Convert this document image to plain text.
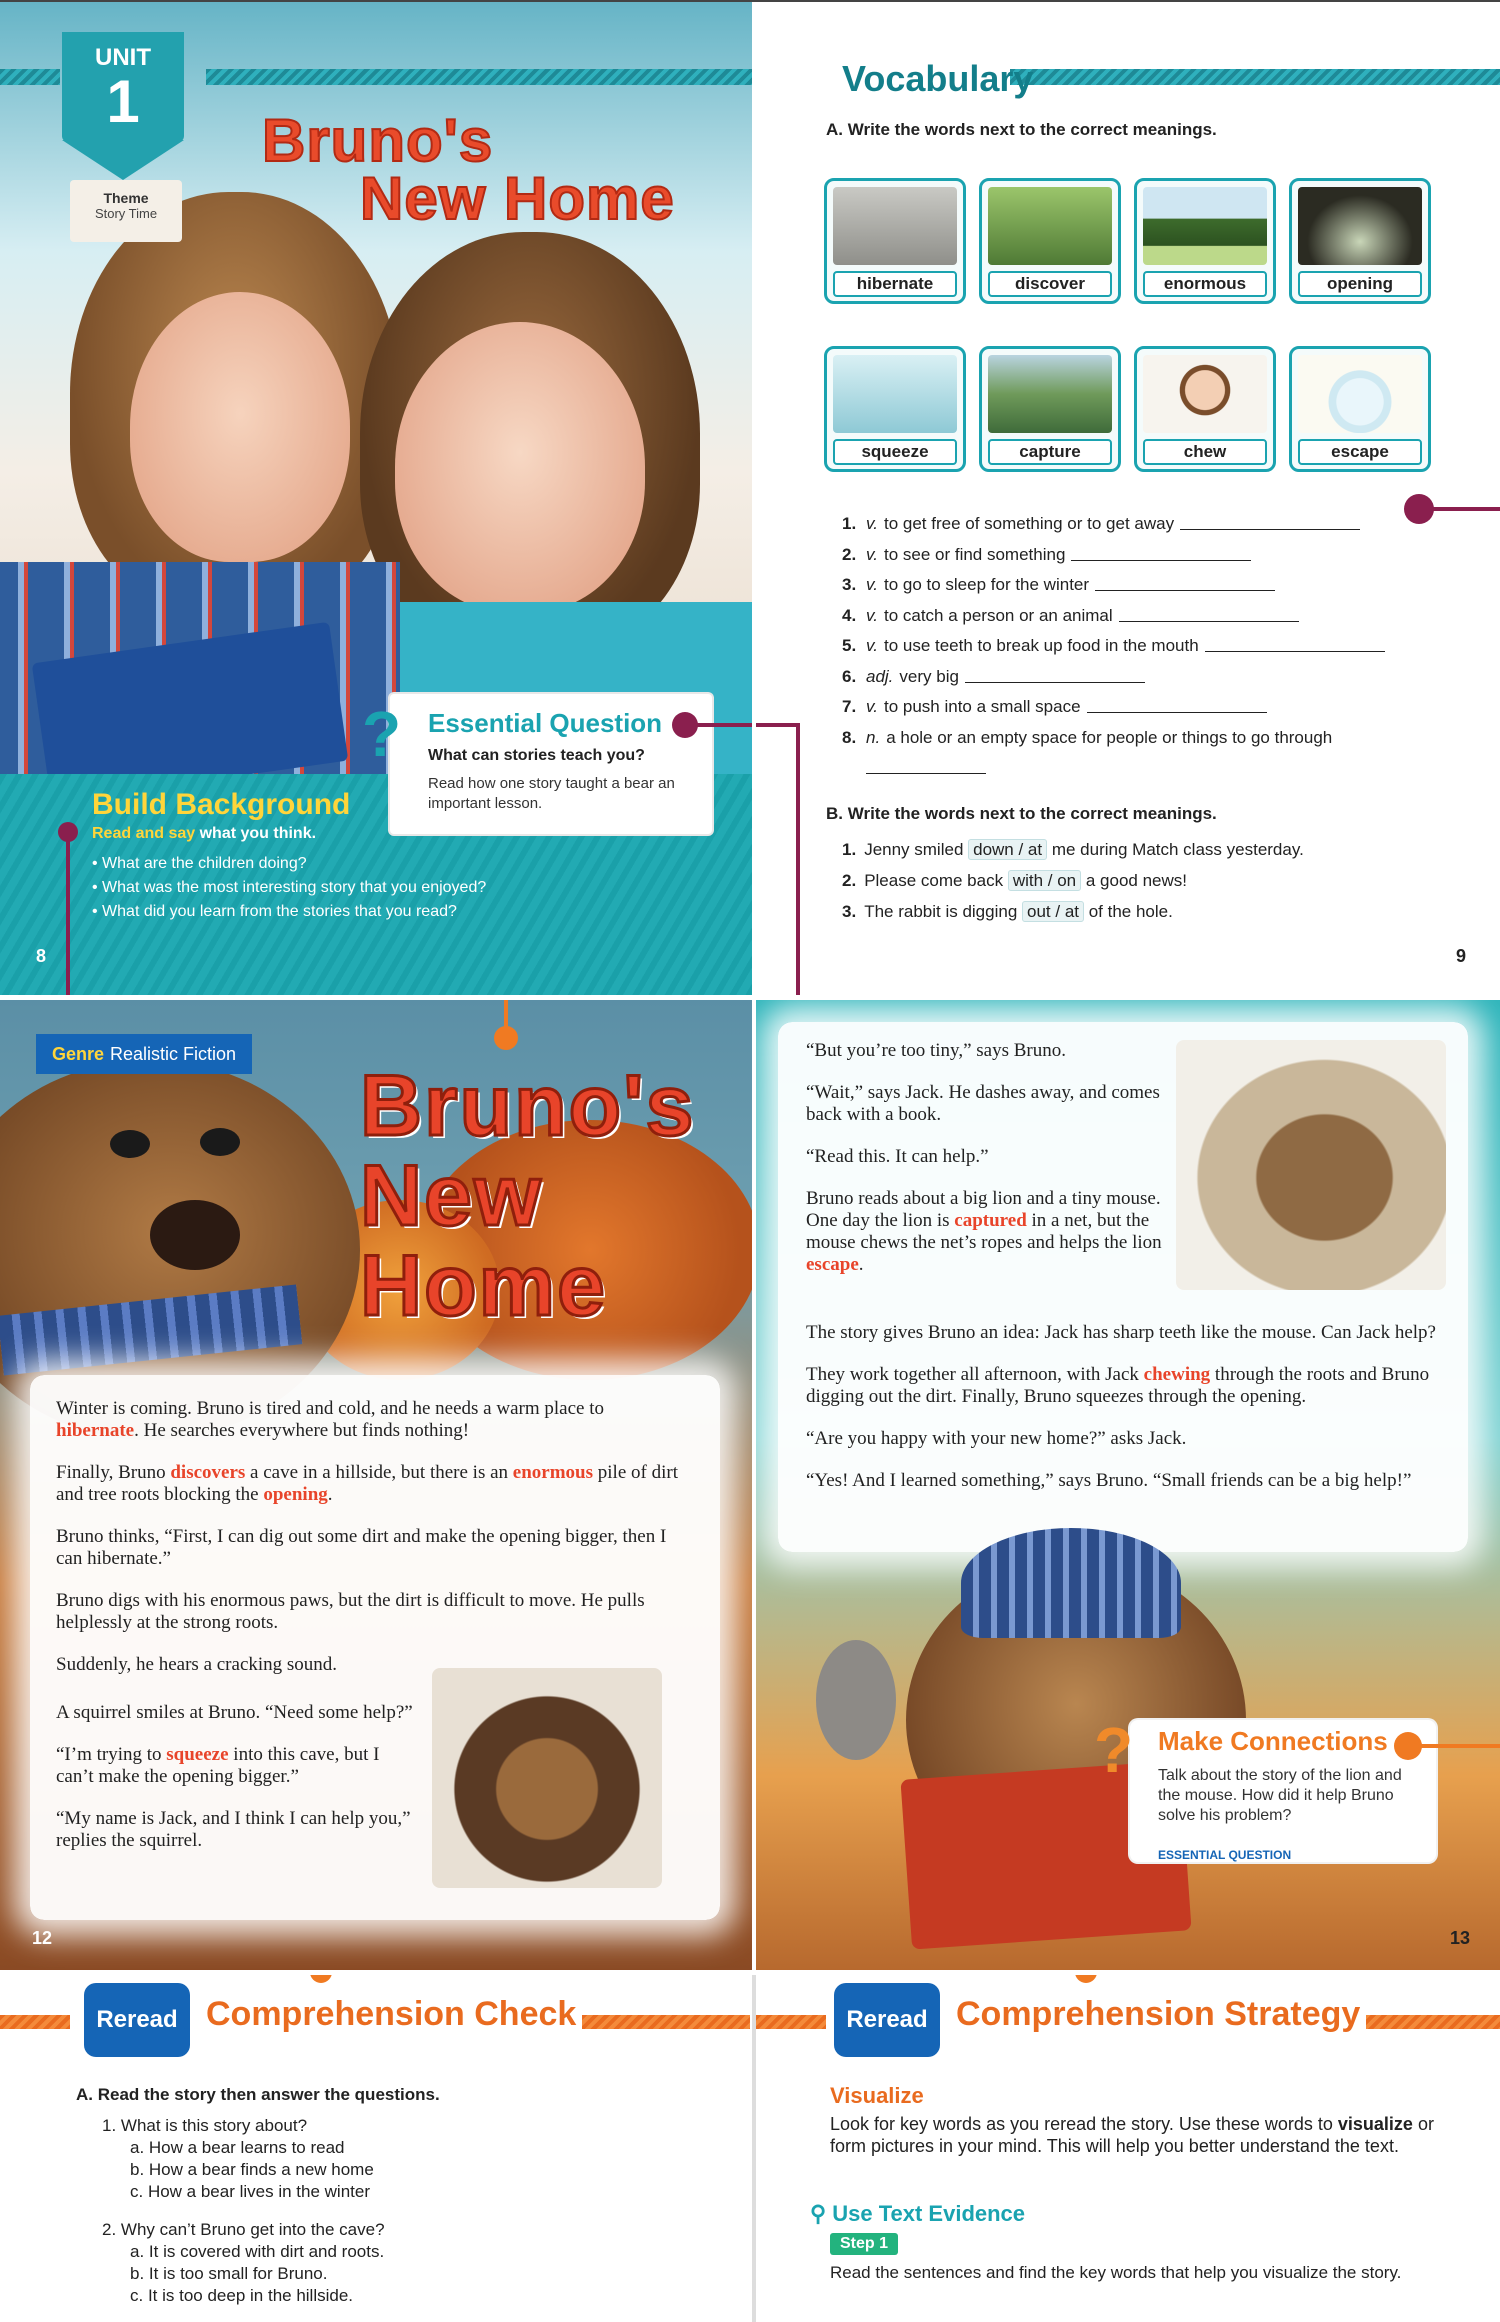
UNIT
1
Theme
Story Time
Bruno's
New Home
Build Background
Read and say what you think.
• What are the children doing?
• What was the most interesting story that you enjoyed?
• What did you learn from the stories that you read?
? Essential Question
What can stories teach you?
Read how one story taught a bear an important lesson.
8
Vocabulary
A. Write the words next to the correct meanings.
hibernate	discover	enormous	opening
squeeze	capture	chew	escape
1. v. to get free of something or to get away
2. v. to see or find something
3. v. to go to sleep for the winter
4. v. to catch a person or an animal
5. v. to use teeth to break up food in the mouth
6. adj. very big
7. v. to push into a small space
8. n. a hole or an empty space for people or things to go through
B. Write the words next to the correct meanings.
1. Jenny smiled down / at me during Match class yesterday.
2. Please come back with / on a good news!
3. The rabbit is digging out / at of the hole.
9
Genre Realistic Fiction
Bruno's
New
Home

Winter is coming. Bruno is tired and cold, and he needs a warm place to hibernate. He searches everywhere but finds nothing!

Finally, Bruno discovers a cave in a hillside, but there is an enormous pile of dirt and tree roots blocking the opening.

Bruno thinks, “First, I can dig out some dirt and make the opening bigger, then I can hibernate.”

Bruno digs with his enormous paws, but the dirt is difficult to move. He pulls helplessly at the strong roots.

Suddenly, he hears a cracking sound.

A squirrel smiles at Bruno. “Need some help?”

“I’m trying to squeeze into this cave, but I can’t make the opening bigger.”

“My name is Jack, and I think I can help you,” replies the squirrel.

12

“But you’re too tiny,” says Bruno.

“Wait,” says Jack. He dashes away, and comes back with a book.

“Read this. It can help.”

Bruno reads about a big lion and a tiny mouse. One day the lion is captured in a net, but the mouse chews the net’s ropes and helps the lion escape.

The story gives Bruno an idea: Jack has sharp teeth like the mouse. Can Jack help?

They work together all afternoon, with Jack chewing through the roots and Bruno digging out the dirt. Finally, Bruno squeezes through the opening.

“Are you happy with your new home?” asks Jack.

“Yes! And I learned something,” says Bruno. “Small friends can be a big help!”

? Make Connections
Talk about the story of the lion and the mouse. How did it help Bruno solve his problem?
ESSENTIAL QUESTION
13
Reread Comprehension Check
A. Read the story then answer the questions.
1. What is this story about?
a. How a bear learns to read
b. How a bear finds a new home
c. How a bear lives in the winter
2. Why can’t Bruno get into the cave?
a. It is covered with dirt and roots.
b. It is too small for Bruno.
c. It is too deep in the hillside.
Reread Comprehension Strategy
Visualize
Look for key words as you reread the story. Use these words to visualize or form pictures in your mind. This will help you better understand the text.
⚲ Use Text Evidence
Step 1
Read the sentences and find the key words that help you visualize the story.
